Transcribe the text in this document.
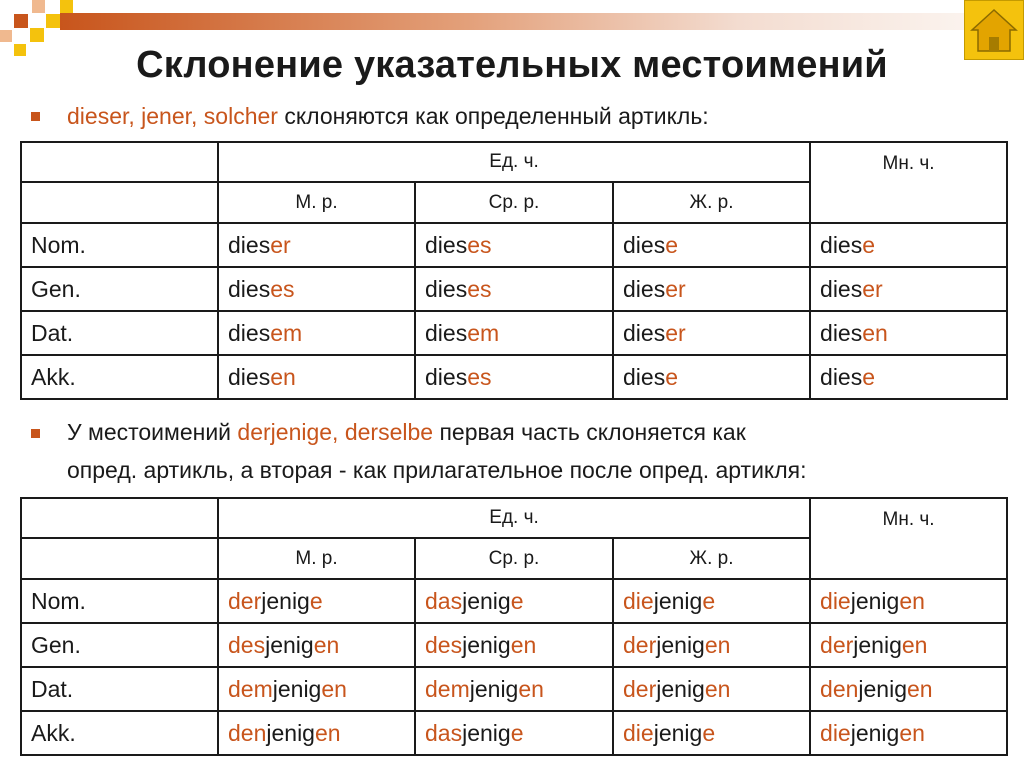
Склонение указательных местоимений
dieser, jener, solcher склоняются как определенный артикль:
	Ед. ч.			Мн. ч.
	М. р.	Ср. р.	Ж. р.	
Nom.	dieser	dieses	diese	diese
Gen.	dieses	dieses	dieser	dieser
Dat.	diesem	diesem	dieser	diesen
Akk.	diesen	dieses	diese	diese
У местоимений derjenige, derselbe первая часть склоняется как
опред. артикль, а вторая - как прилагательное после опред. артикля:
	Ед. ч.			Мн. ч.
	М. р.	Ср. р.	Ж. р.	
Nom.	derjenige	dasjenige	diejenige	diejenigen
Gen.	desjenigen	desjenigen	derjenigen	derjenigen
Dat.	demjenigen	demjenigen	derjenigen	denjenigen
Akk.	denjenigen	dasjenige	diejenige	diejenigen
